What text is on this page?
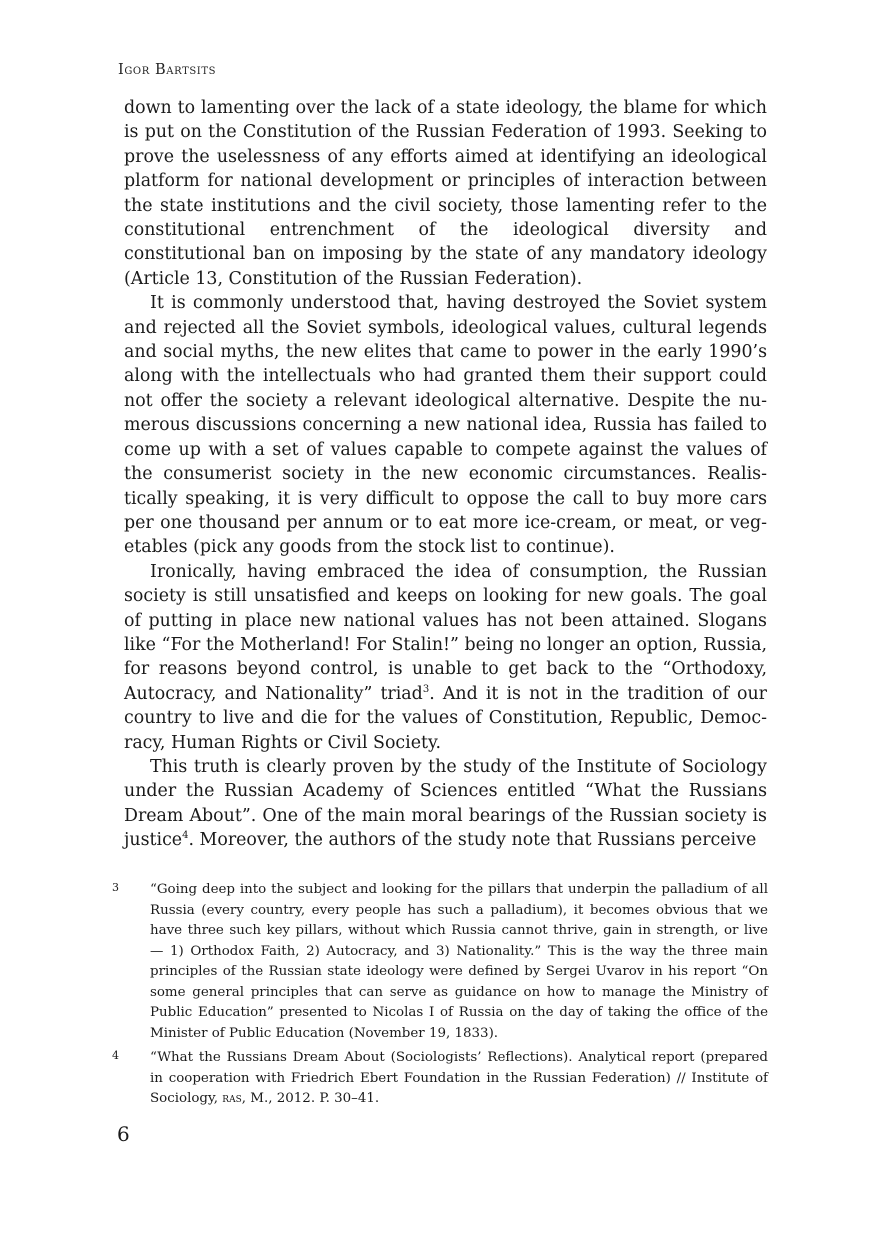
Igor Bartsits

down to lamenting over the lack of a state ideology, the blame for which is put on the Constitution of the Russian Federation of 1993. Seeking to prove the uselessness of any efforts aimed at identifying an ideological platform for national development or principles of interaction between the state institutions and the civil society, those lamenting refer to the constitutional entrenchment of the ideological diversity and constitutional ban on imposing by the state of any mandatory ideology (Article 13, Constitution of the Russian Federation).

It is commonly understood that, having destroyed the Soviet system and rejected all the Soviet symbols, ideological values, cultural legends and social myths, the new elites that came to power in the early 1990’s along with the intellectuals who had granted them their support could not offer the society a relevant ideological alternative. Despite the numerous discussions concerning a new national idea, Russia has failed to come up with a set of values capable to compete against the values of the consumerist society in the new economic circumstances. Realistically speaking, it is very difficult to oppose the call to buy more cars per one thousand per annum or to eat more ice-cream, or meat, or vegetables (pick any goods from the stock list to continue).

Ironically, having embraced the idea of consumption, the Russian society is still unsatisfied and keeps on looking for new goals. The goal of putting in place new national values has not been attained. Slogans like “For the Motherland! For Stalin!” being no longer an option, Russia, for reasons beyond control, is unable to get back to the “Orthodoxy, Autocracy, and Nationality” triad$^3$. And it is not in the tradition of our country to live and die for the values of Constitution, Republic, Democracy, Human Rights or Civil Society.

This truth is clearly proven by the study of the Institute of Sociology under the Russian Academy of Sciences entitled “What the Russians Dream About”. One of the main moral bearings of the Russian society is justice$^4$. Moreover, the authors of the study note that Russians perceive

3 “Going deep into the subject and looking for the pillars that underpin the palladium of all Russia (every country, every people has such a palladium), it becomes obvious that we have three such key pillars, without which Russia cannot thrive, gain in strength, or live — 1) Orthodox Faith, 2) Autocracy, and 3) Nationality.” This is the way the three main principles of the Russian state ideology were defined by Sergei Uvarov in his report “On some general principles that can serve as guidance on how to manage the Ministry of Public Education” presented to Nicolas I of Russia on the day of taking the office of the Minister of Public Education (November 19, 1833).
4 “What the Russians Dream About (Sociologists’ Reflections). Analytical report (prepared in cooperation with Friedrich Ebert Foundation in the Russian Federation) // Institute of Sociology, ras, M., 2012. P. 30–41.
6
